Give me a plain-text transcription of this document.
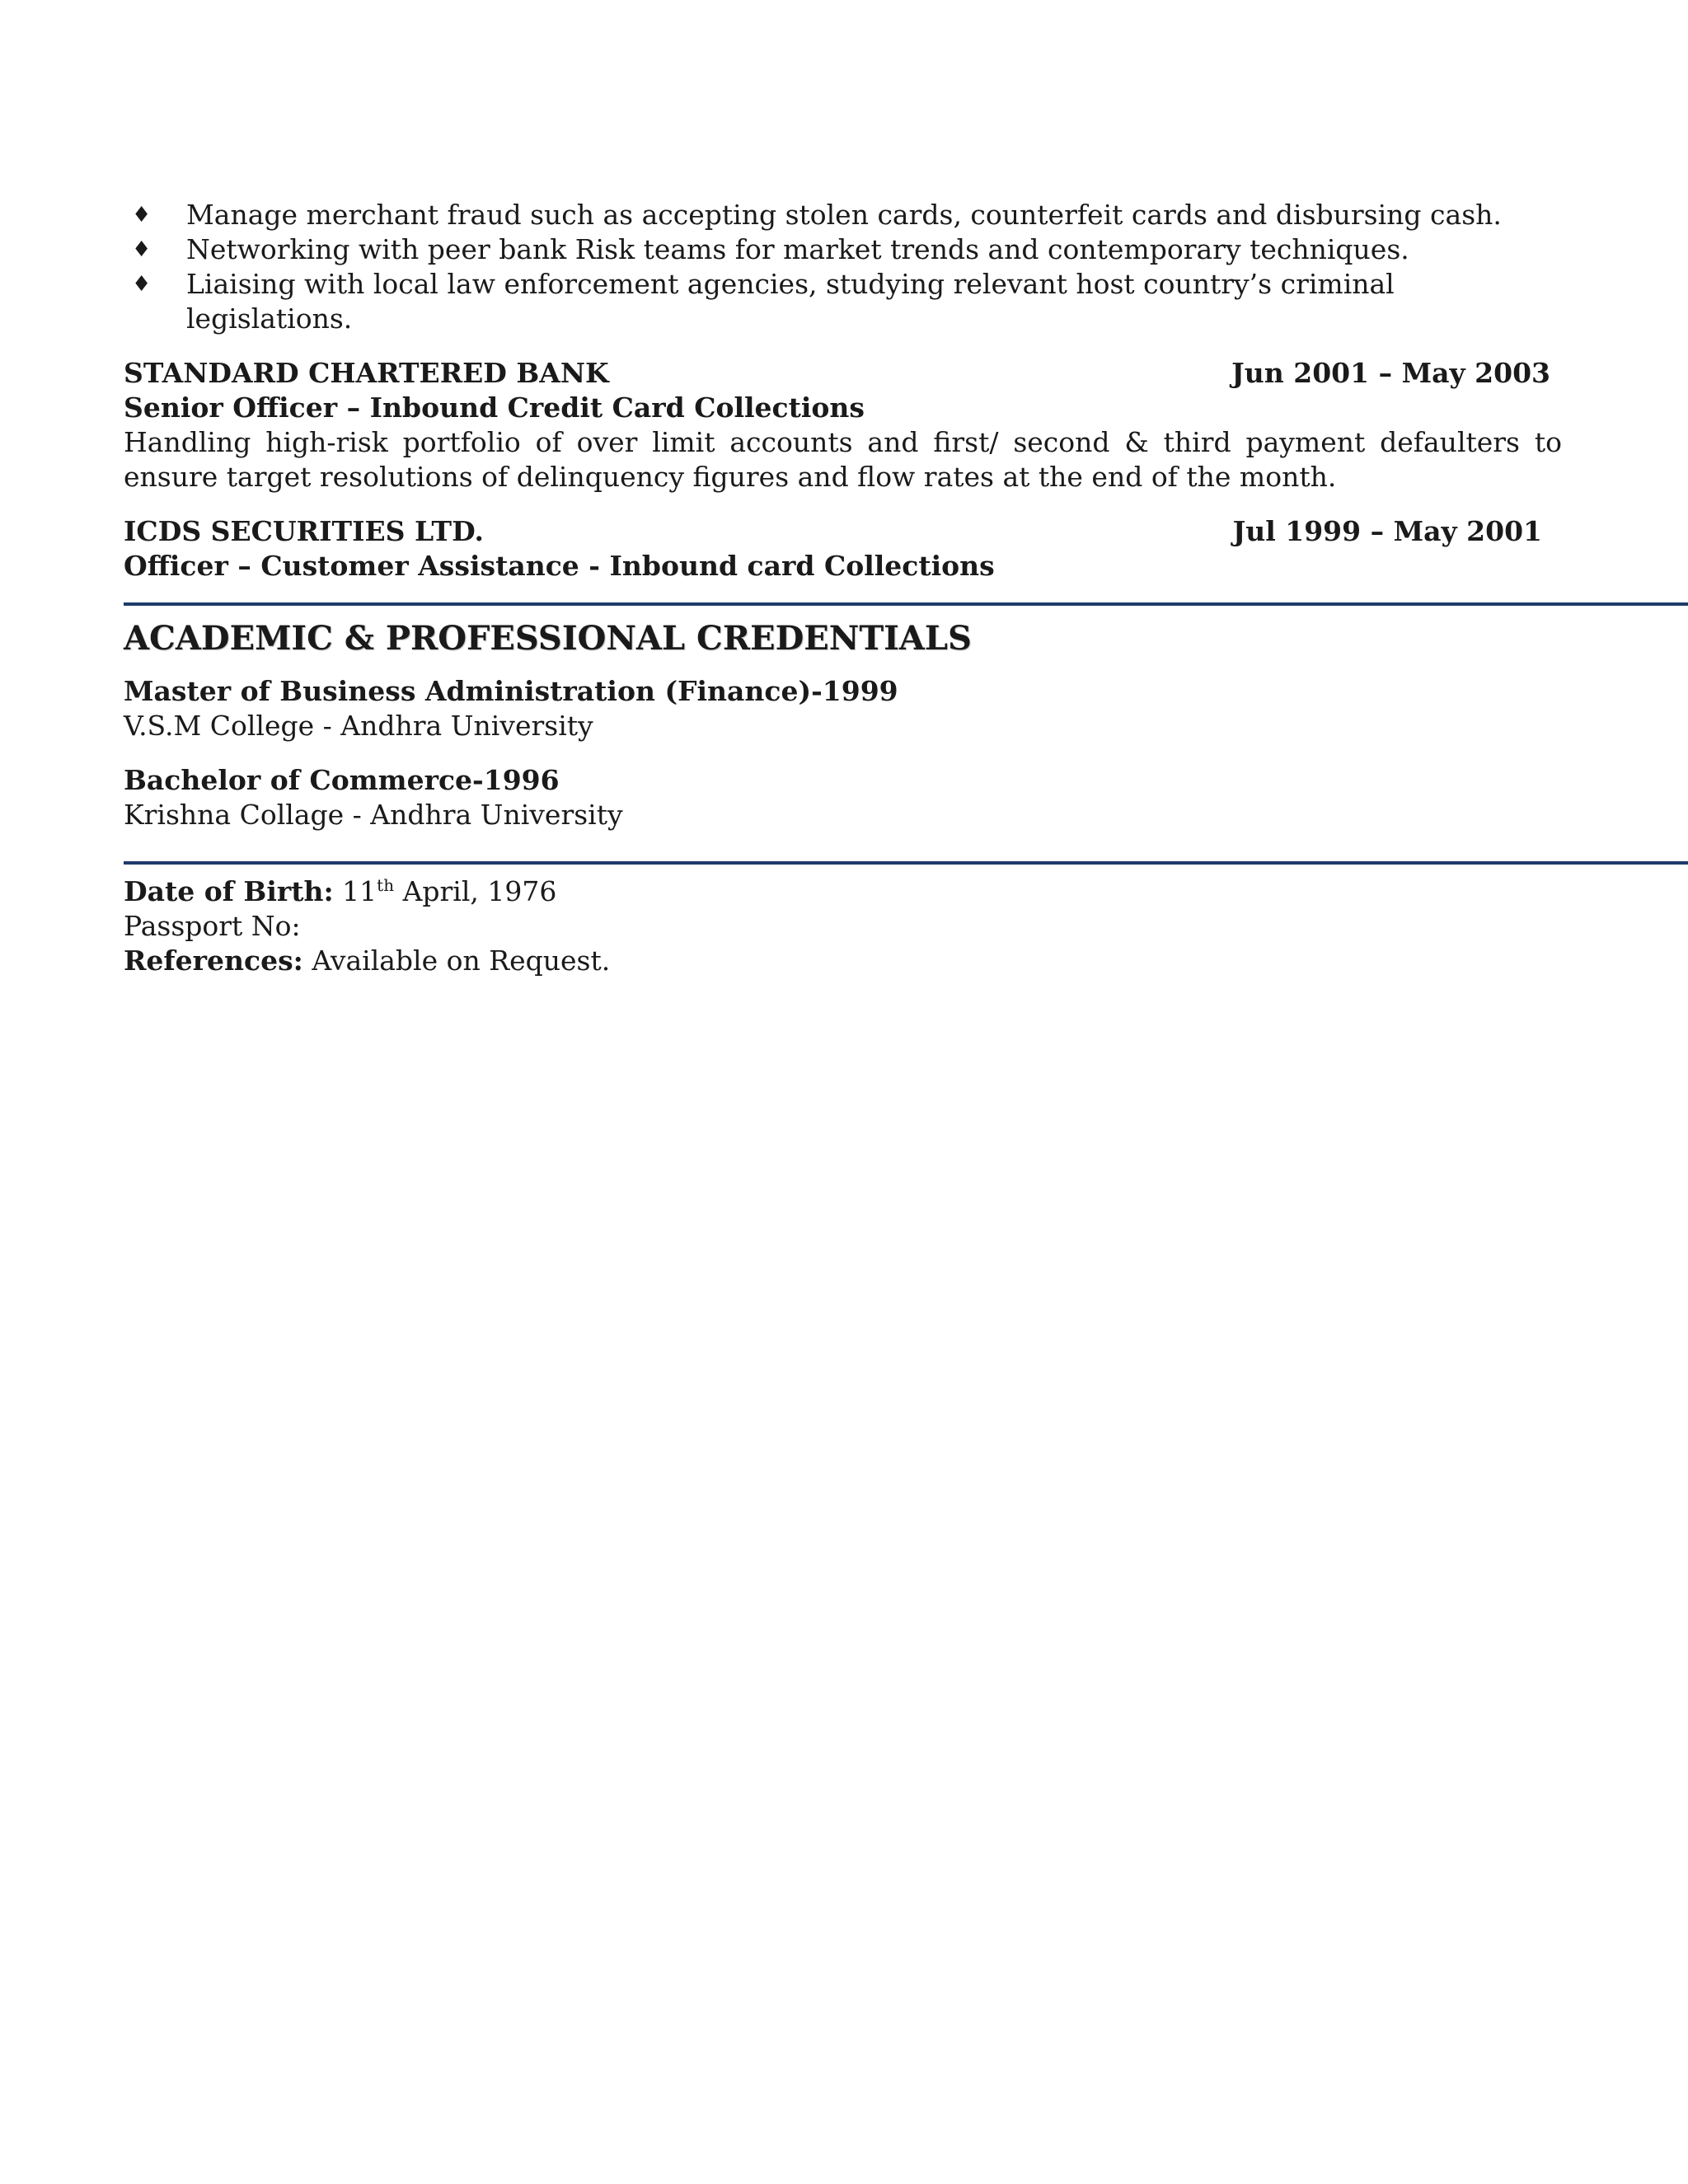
♦ Manage merchant fraud such as accepting stolen cards, counterfeit cards and disbursing cash.
♦ Networking with peer bank Risk teams for market trends and contemporary techniques.
♦ Liaising with local law enforcement agencies, studying relevant host country’s criminal legislations.
STANDARD CHARTERED BANK	Jun 2001 – May 2003
Senior Officer – Inbound Credit Card Collections

Handling high-risk portfolio of over limit accounts and first/ second & third payment defaulters to ensure target resolutions of delinquency figures and flow rates at the end of the month.

ICDS SECURITIES LTD.	Jul 1999 – May 2001
Officer – Customer Assistance - Inbound card Collections
ACADEMIC & PROFESSIONAL CREDENTIALS
Master of Business Administration (Finance)-1999
V.S.M College - Andhra University
Bachelor of Commerce-1996
Krishna Collage - Andhra University
Date of Birth: 11th April, 1976
Passport No:
References: Available on Request.
